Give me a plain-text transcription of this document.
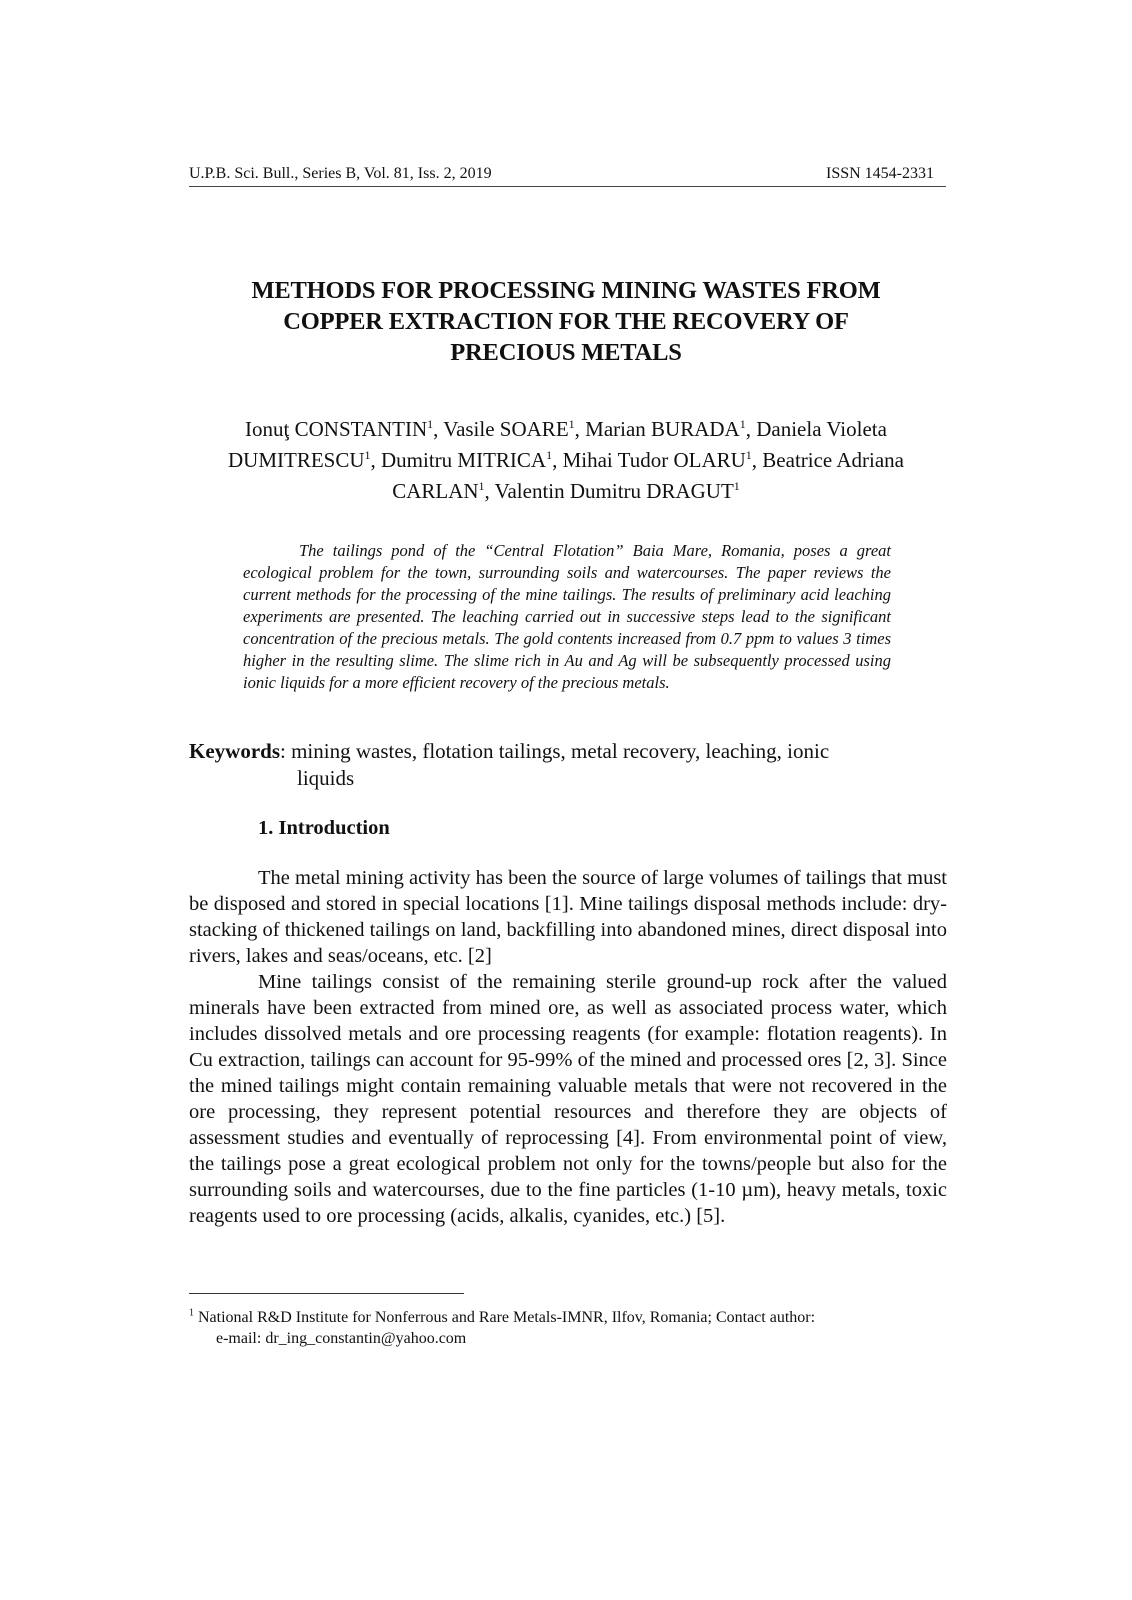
U.P.B. Sci. Bull., Series B, Vol. 81, Iss. 2, 2019	ISSN 1454-2331
METHODS FOR PROCESSING MINING WASTES FROM
COPPER EXTRACTION FOR THE RECOVERY OF
PRECIOUS METALS
Ionuţ CONSTANTIN$^1$, Vasile SOARE$^1$, Marian BURADA$^1$, Daniela Violeta
DUMITRESCU$^1$, Dumitru MITRICA$^1$, Mihai Tudor OLARU$^1$, Beatrice Adriana
CARLAN$^1$, Valentin Dumitru DRAGUT$^1$

The tailings pond of the “Central Flotation” Baia Mare, Romania, poses a great ecological problem for the town, surrounding soils and watercourses. The paper reviews the current methods for the processing of the mine tailings. The results of preliminary acid leaching experiments are presented. The leaching carried out in successive steps lead to the significant concentration of the precious metals. The gold contents increased from 0.7 ppm to values 3 times higher in the resulting slime. The slime rich in Au and Ag will be subsequently processed using ionic liquids for a more efficient recovery of the precious metals.

Keywords: mining wastes, flotation tailings, metal recovery, leaching, ionic
liquids
1. Introduction

The metal mining activity has been the source of large volumes of tailings that must be disposed and stored in special locations [1]. Mine tailings disposal methods include: dry-stacking of thickened tailings on land, backfilling into abandoned mines, direct disposal into rivers, lakes and seas/oceans, etc. [2]

Mine tailings consist of the remaining sterile ground-up rock after the valued minerals have been extracted from mined ore, as well as associated process water, which includes dissolved metals and ore processing reagents (for example: flotation reagents). In Cu extraction, tailings can account for 95-99% of the mined and processed ores [2, 3]. Since the mined tailings might contain remaining valuable metals that were not recovered in the ore processing, they represent potential resources and therefore they are objects of assessment studies and eventually of reprocessing [4]. From environmental point of view, the tailings pose a great ecological problem not only for the towns/people but also for the surrounding soils and watercourses, due to the fine particles (1-10 µm), heavy metals, toxic reagents used to ore processing (acids, alkalis, cyanides, etc.) [5].

$^1$ National R&D Institute for Nonferrous and Rare Metals-IMNR, Ilfov, Romania; Contact author:
e-mail: dr_ing_constantin@yahoo.com
